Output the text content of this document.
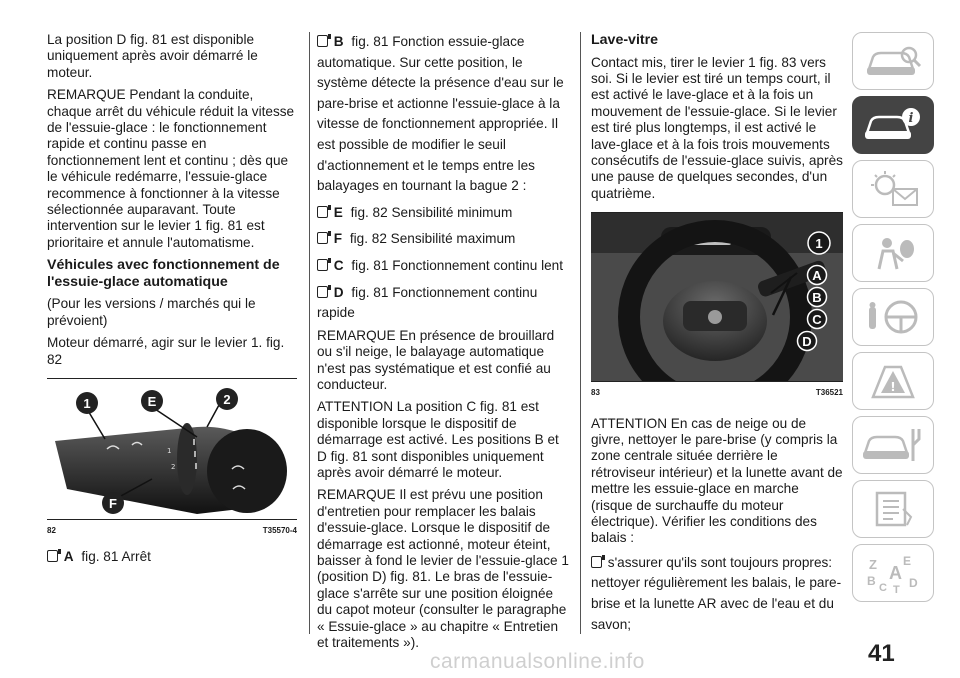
La position D fig. 81 est disponible uniquement après avoir démarré le moteur.

REMARQUE Pendant la conduite, chaque arrêt du véhicule réduit la vitesse de l'essuie-glace : le fonctionnement rapide et continu passe en fonctionnement lent et continu ; dès que le véhicule redémarre, l'essuie-glace recommence à fonctionner à la vitesse sélectionnée auparavant. Toute intervention sur le levier 1 fig. 81 est prioritaire et annule l'automatisme.

Véhicules avec fonctionnement de l'essuie-glace automatique

(Pour les versions / marchés qui le prévoient)

Moteur démarré, agir sur le levier 1. fig. 82

1
2
1	E	2
F
82	T35570-4

A fig. 81 Arrêt

B fig. 81 Fonction essuie-glace automatique. Sur cette position, le système détecte la présence d'eau sur le pare-brise et actionne l'essuie-glace à la vitesse de fonctionnement appropriée. Il est possible de modifier le seuil d'actionnement et le temps entre les balayages en tournant la bague 2 :

E fig. 82 Sensibilité minimum

F fig. 82 Sensibilité maximum

C fig. 81 Fonctionnement continu lent

D fig. 81 Fonctionnement continu rapide

REMARQUE En présence de brouillard ou s'il neige, le balayage automatique n'est pas systématique et est confié au conducteur.

ATTENTION La position C fig. 81 est disponible lorsque le dispositif de démarrage est activé. Les positions B et D fig. 81 sont disponibles uniquement après avoir démarré le moteur.

REMARQUE Il est prévu une position d'entretien pour remplacer les balais d'essuie-glace. Lorsque le dispositif de démarrage est actionné, moteur éteint, baisser à fond le levier de l'essuie-glace 1 (position D) fig. 81. Le bras de l'essuie-glace s'arrête sur une position éloignée du capot moteur (consulter le paragraphe « Essuie-glace » au chapitre « Entretien et traitements »).

Lave-vitre

Contact mis, tirer le levier 1 fig. 83 vers soi. Si le levier est tiré un temps court, il est activé le lave-glace et à la fois un mouvement de l'essuie-glace. Si le levier est tiré plus longtemps, il est activé le lave-glace et à la fois trois mouvements consécutifs de l'essuie-glace suivis, après une pause de quelques secondes, d'un quatrième.

1
A
B
C
D
83	T36521

ATTENTION En cas de neige ou de givre, nettoyer le pare-brise (y compris la zone centrale située derrière le rétroviseur intérieur) et la lunette avant de mettre les essuie-glace en marche (risque de surchauffe du moteur électrique). Vérifier les conditions des balais :

s'assurer qu'ils sont toujours propres: nettoyer régulièrement les balais, le pare-brise et la lunette AR avec de l'eau et du savon;

i
!
Z E
B A
C D
T
41
carmanualsonline.info
